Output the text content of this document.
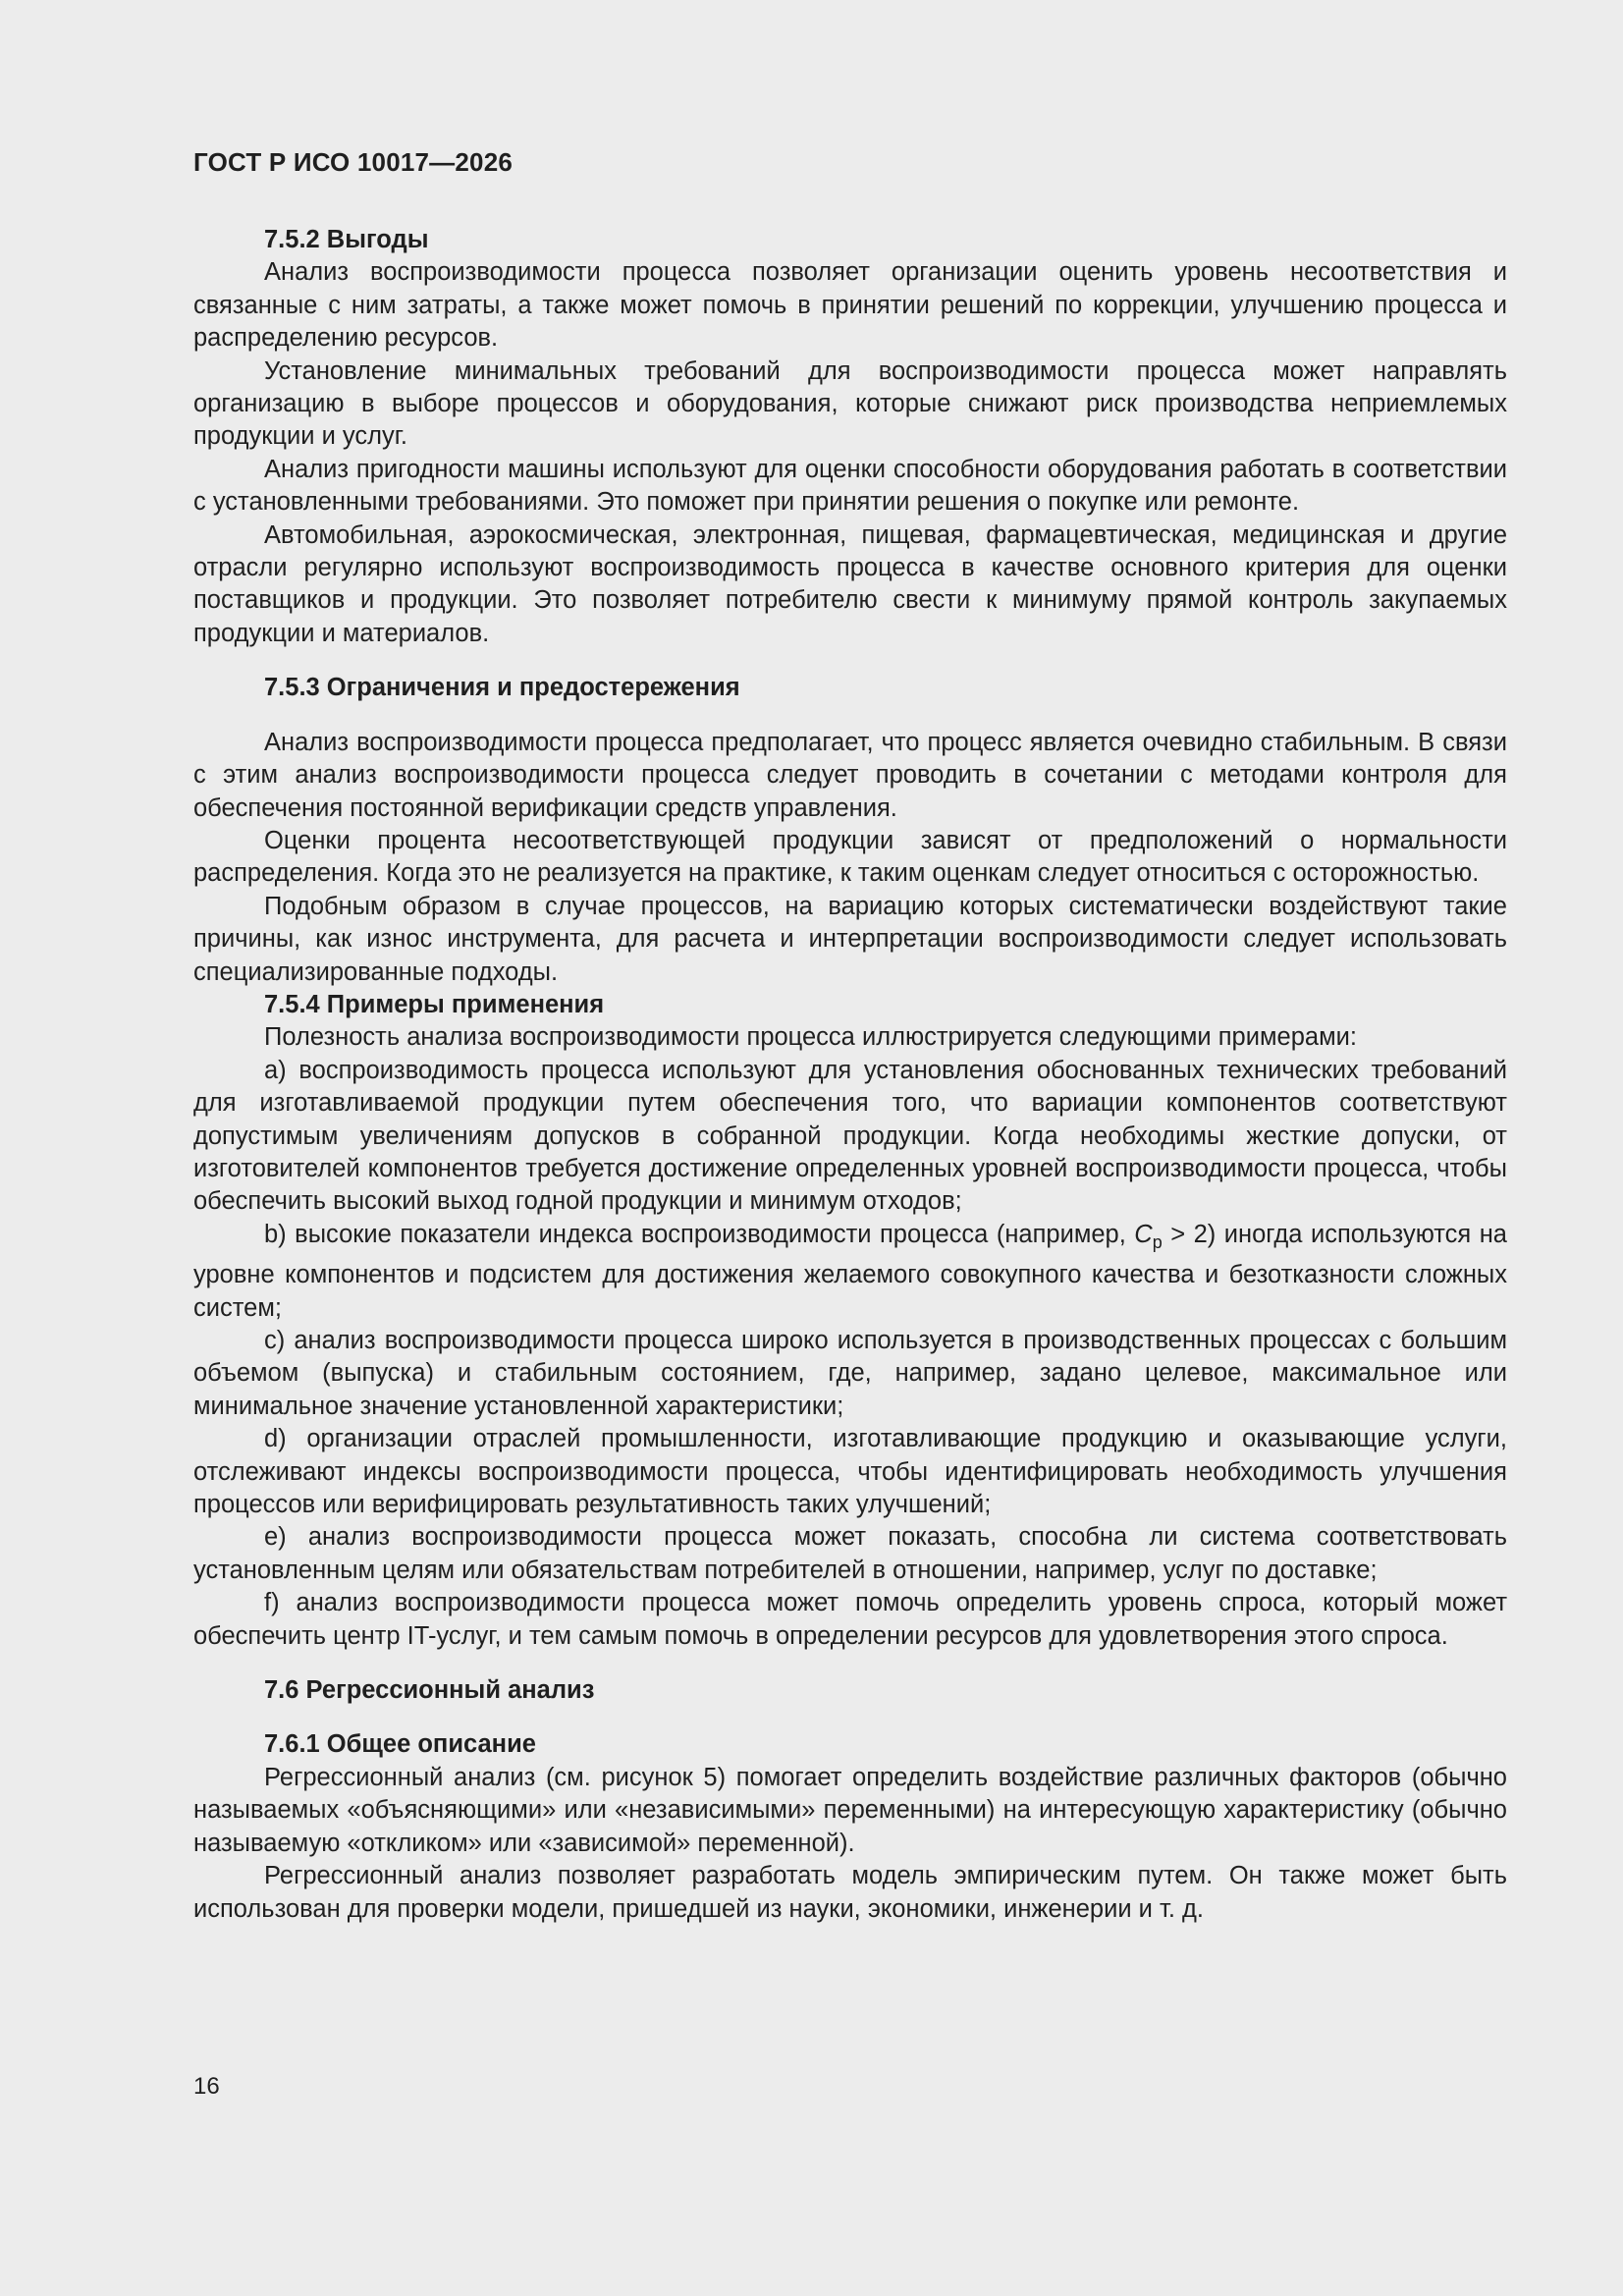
ГОСТ Р ИСО 10017—2026

7.5.2 Выгоды

Анализ воспроизводимости процесса позволяет организации оценить уровень несоответствия и связанные с ним затраты, а также может помочь в принятии решений по коррекции, улучшению процесса и распределению ресурсов.

Установление минимальных требований для воспроизводимости процесса может направлять организацию в выборе процессов и оборудования, которые снижают риск производства неприемлемых продукции и услуг.

Анализ пригодности машины используют для оценки способности оборудования работать в соответствии с установленными требованиями. Это поможет при принятии решения о покупке или ремонте.

Автомобильная, аэрокосмическая, электронная, пищевая, фармацевтическая, медицинская и другие отрасли регулярно используют воспроизводимость процесса в качестве основного критерия для оценки поставщиков и продукции. Это позволяет потребителю свести к минимуму прямой контроль закупаемых продукции и материалов.

7.5.3 Ограничения и предостережения

Анализ воспроизводимости процесса предполагает, что процесс является очевидно стабильным. В связи с этим анализ воспроизводимости процесса следует проводить в сочетании с методами контроля для обеспечения постоянной верификации средств управления.

Оценки процента несоответствующей продукции зависят от предположений о нормальности распределения. Когда это не реализуется на практике, к таким оценкам следует относиться с осторожностью.

Подобным образом в случае процессов, на вариацию которых систематически воздействуют такие причины, как износ инструмента, для расчета и интерпретации воспроизводимости следует использовать специализированные подходы.

7.5.4 Примеры применения

Полезность анализа воспроизводимости процесса иллюстрируется следующими примерами:

а) воспроизводимость процесса используют для установления обоснованных технических требований для изготавливаемой продукции путем обеспечения того, что вариации компонентов соответствуют допустимым увеличениям допусков в собранной продукции. Когда необходимы жесткие допуски, от изготовителей компонентов требуется достижение определенных уровней воспроизводимости процесса, чтобы обеспечить высокий выход годной продукции и минимум отходов;

b) высокие показатели индекса воспроизводимости процесса (например, $C_p > 2$) иногда используются на уровне компонентов и подсистем для достижения желаемого совокупного качества и безотказности сложных систем;

c) анализ воспроизводимости процесса широко используется в производственных процессах с большим объемом (выпуска) и стабильным состоянием, где, например, задано целевое, максимальное или минимальное значение установленной характеристики;

d) организации отраслей промышленности, изготавливающие продукцию и оказывающие услуги, отслеживают индексы воспроизводимости процесса, чтобы идентифицировать необходимость улучшения процессов или верифицировать результативность таких улучшений;

e) анализ воспроизводимости процесса может показать, способна ли система соответствовать установленным целям или обязательствам потребителей в отношении, например, услуг по доставке;

f) анализ воспроизводимости процесса может помочь определить уровень спроса, который может обеспечить центр IT-услуг, и тем самым помочь в определении ресурсов для удовлетворения этого спроса.

7.6 Регрессионный анализ

7.6.1 Общее описание

Регрессионный анализ (см. рисунок 5) помогает определить воздействие различных факторов (обычно называемых «объясняющими» или «независимыми» переменными) на интересующую характеристику (обычно называемую «откликом» или «зависимой» переменной).

Регрессионный анализ позволяет разработать модель эмпирическим путем. Он также может быть использован для проверки модели, пришедшей из науки, экономики, инженерии и т. д.

16
